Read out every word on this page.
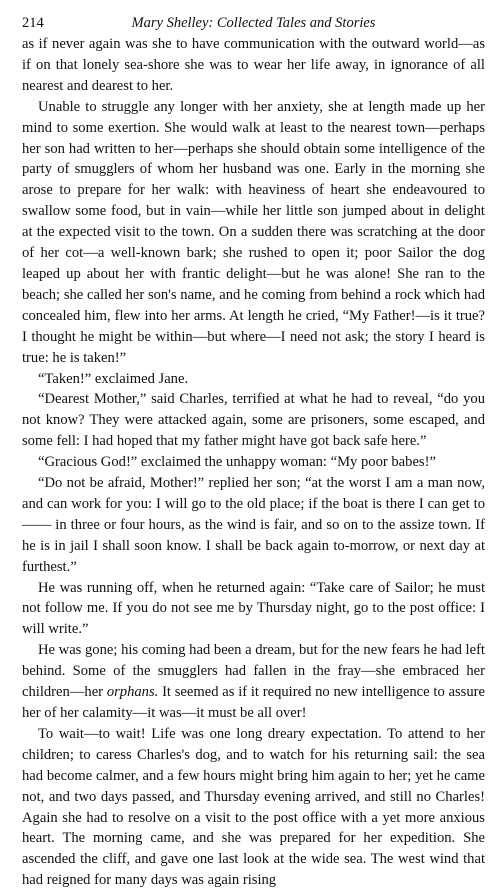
214	Mary Shelley: Collected Tales and Stories

as if never again was she to have communication with the outward world—as if on that lonely sea-shore she was to wear her life away, in ignorance of all nearest and dearest to her.

Unable to struggle any longer with her anxiety, she at length made up her mind to some exertion. She would walk at least to the nearest town—perhaps her son had written to her—perhaps she should obtain some intelligence of the party of smugglers of whom her husband was one. Early in the morning she arose to prepare for her walk: with heaviness of heart she endeavoured to swallow some food, but in vain—while her little son jumped about in delight at the expected visit to the town. On a sudden there was scratching at the door of her cot—a well-known bark; she rushed to open it; poor Sailor the dog leaped up about her with frantic delight—but he was alone! She ran to the beach; she called her son's name, and he coming from behind a rock which had concealed him, flew into her arms. At length he cried, “My Father!—is it true? I thought he might be within—but where—I need not ask; the story I heard is true: he is taken!”

“Taken!” exclaimed Jane.

“Dearest Mother,” said Charles, terrified at what he had to reveal, “do you not know? They were attacked again, some are prisoners, some escaped, and some fell: I had hoped that my father might have got back safe here.”

“Gracious God!” exclaimed the unhappy woman: “My poor babes!”

“Do not be afraid, Mother!” replied her son; “at the worst I am a man now, and can work for you: I will go to the old place; if the boat is there I can get to —— in three or four hours, as the wind is fair, and so on to the assize town. If he is in jail I shall soon know. I shall be back again to-morrow, or next day at furthest.”

He was running off, when he returned again: “Take care of Sailor; he must not follow me. If you do not see me by Thursday night, go to the post office: I will write.”

He was gone; his coming had been a dream, but for the new fears he had left behind. Some of the smugglers had fallen in the fray—she embraced her children—her orphans. It seemed as if it required no new intelligence to assure her of her calamity—it was—it must be all over!

To wait—to wait! Life was one long dreary expectation. To attend to her children; to caress Charles's dog, and to watch for his returning sail: the sea had become calmer, and a few hours might bring him again to her; yet he came not, and two days passed, and Thursday evening arrived, and still no Charles! Again she had to resolve on a visit to the post office with a yet more anxious heart. The morning came, and she was prepared for her expedition. She ascended the cliff, and gave one last look at the wide sea. The west wind that had reigned for many days was again rising
